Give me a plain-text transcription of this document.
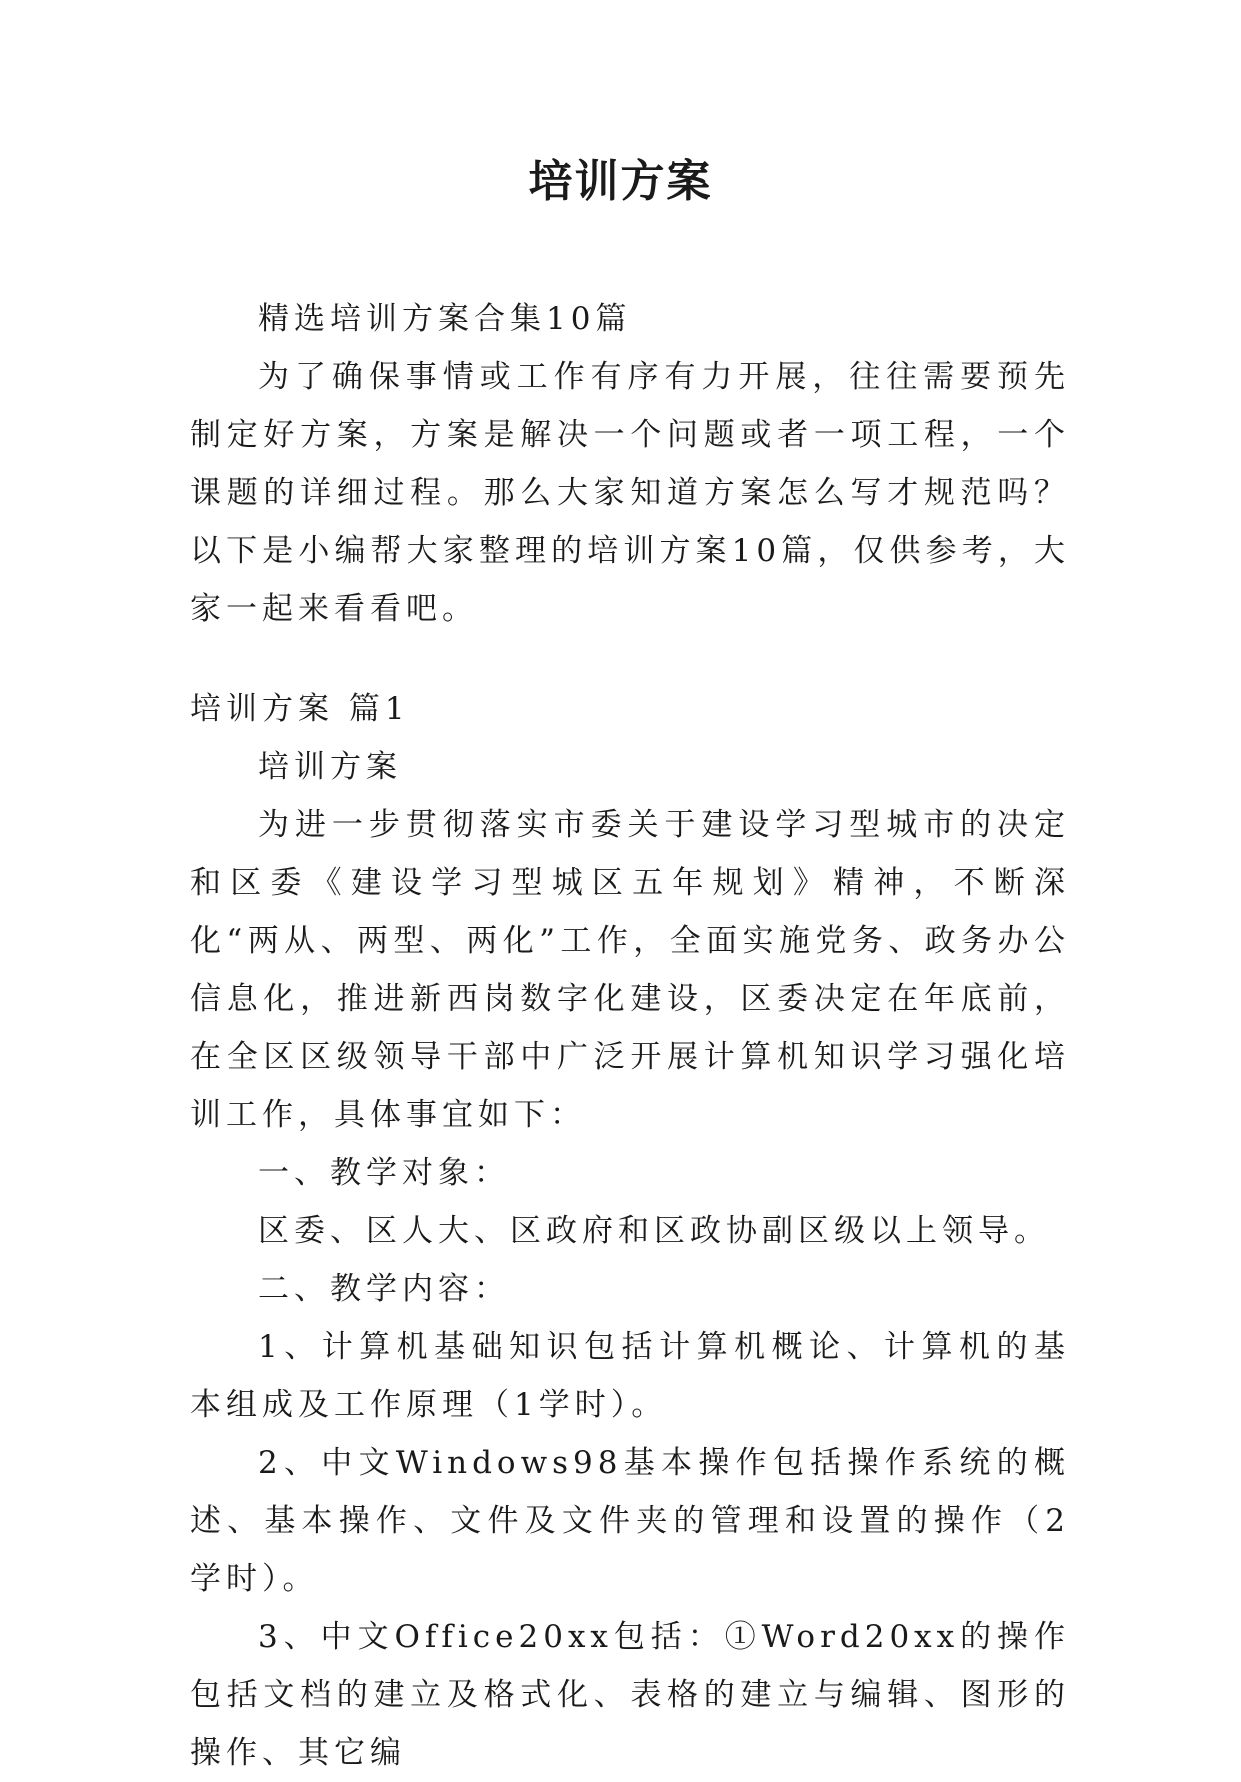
培训方案

精选培训方案合集10篇

为了确保事情或工作有序有力开展，往往需要预先制定好方案，方案是解决一个问题或者一项工程，一个课题的详细过程。那么大家知道方案怎么写才规范吗？以下是小编帮大家整理的培训方案10篇，仅供参考，大家一起来看看吧。

培训方案 篇1

培训方案

为进一步贯彻落实市委关于建设学习型城市的决定和区委《建设学习型城区五年规划》精神，不断深化“两从、两型、两化”工作，全面实施党务、政务办公信息化，推进新西岗数字化建设，区委决定在年底前，在全区区级领导干部中广泛开展计算机知识学习强化培训工作，具体事宜如下：

一、教学对象：

区委、区人大、区政府和区政协副区级以上领导。

二、教学内容：

1、计算机基础知识包括计算机概论、计算机的基本组成及工作原理（1学时）。

2、中文Windows98基本操作包括操作系统的概述、基本操作、文件及文件夹的管理和设置的操作（2学时）。

3、中文Office20xx包括：①Word20xx的操作包括文档的建立及格式化、表格的建立与编辑、图形的操作、其它编
